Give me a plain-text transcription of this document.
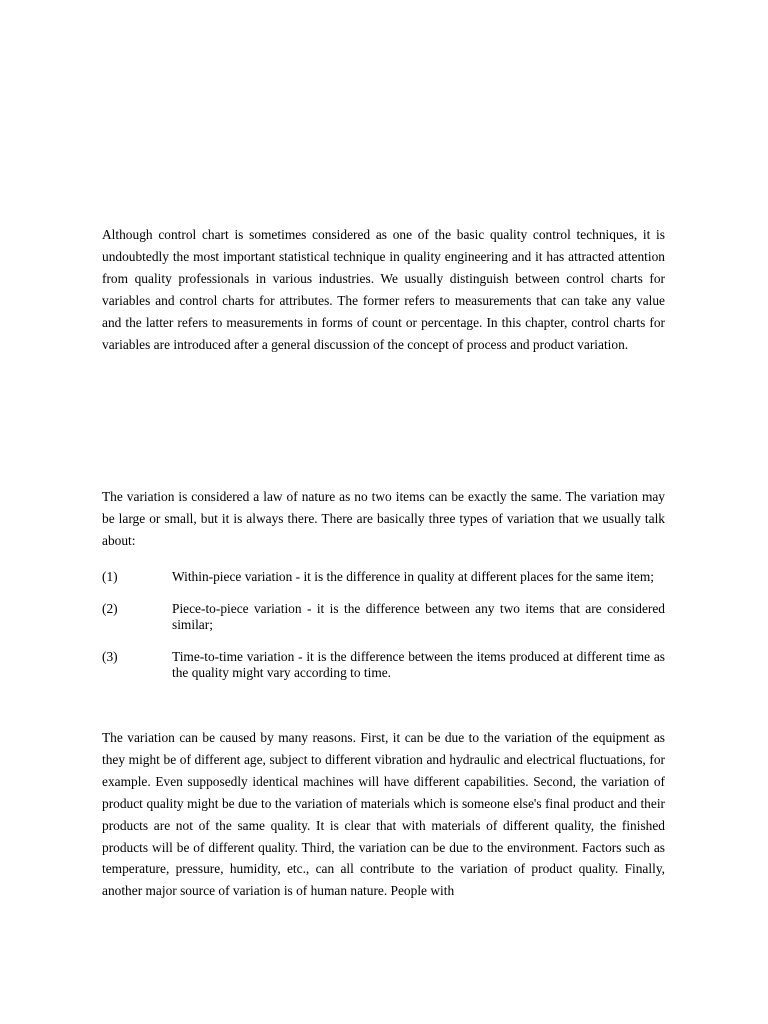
Although control chart is sometimes considered as one of the basic quality control techniques, it is undoubtedly the most important statistical technique in quality engineering and it has attracted attention from quality professionals in various industries. We usually distinguish between control charts for variables and control charts for attributes. The former refers to measurements that can take any value and the latter refers to measurements in forms of count or percentage. In this chapter, control charts for variables are introduced after a general discussion of the concept of process and product variation.

The variation is considered a law of nature as no two items can be exactly the same. The variation may be large or small, but it is always there. There are basically three types of variation that we usually talk about:

(1)	Within-piece variation - it is the difference in quality at different places for the same item;
(2)	Piece-to-piece variation - it is the difference between any two items that are considered similar;
(3)	Time-to-time variation - it is the difference between the items produced at different time as the quality might vary according to time.

The variation can be caused by many reasons. First, it can be due to the variation of the equipment as they might be of different age, subject to different vibration and hydraulic and electrical fluctuations, for example. Even supposedly identical machines will have different capabilities. Second, the variation of product quality might be due to the variation of materials which is someone else's final product and their products are not of the same quality. It is clear that with materials of different quality, the finished products will be of different quality. Third, the variation can be due to the environment. Factors such as temperature, pressure, humidity, etc., can all contribute to the variation of product quality. Finally, another major source of variation is of human nature. People with
